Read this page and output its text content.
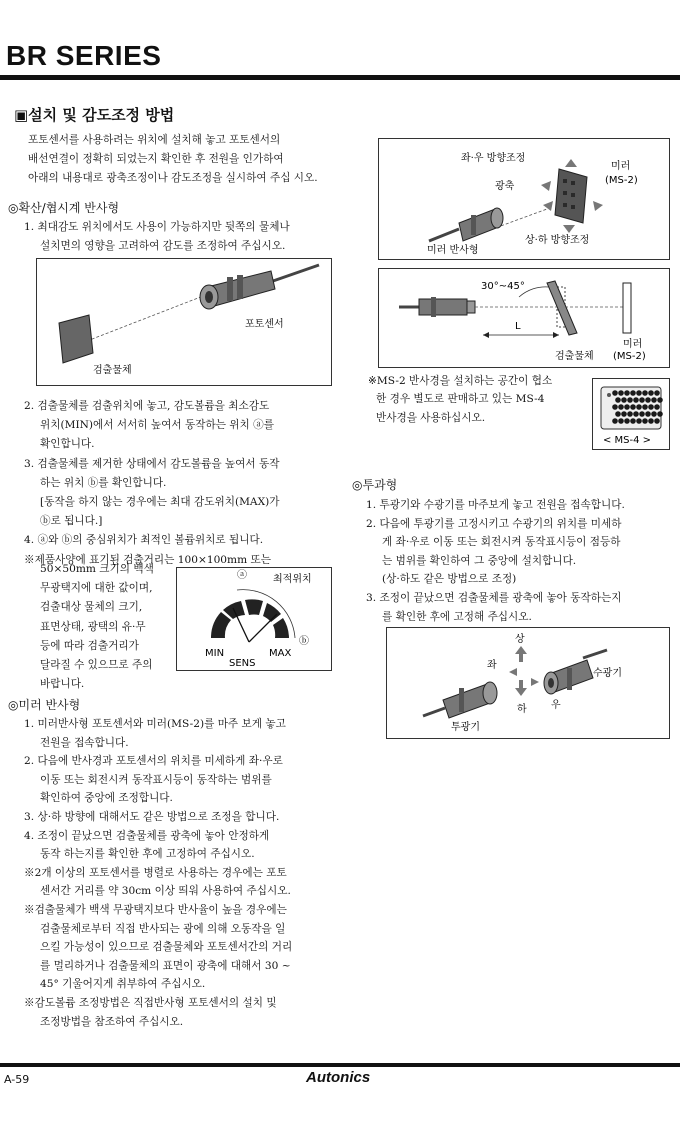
BR SERIES
▣설치 및 감도조정 방법
포토센서를 사용하려는 위치에 설치해 놓고 포토센서의
배선연결이 정확히 되었는지 확인한 후 전원을 인가하여
아래의 내용대로 광축조정이나 감도조정을 실시하여 주십 시오.
◎확산/협시계 반사형
1. 최대감도 위치에서도 사용이 가능하지만 뒷쪽의 물체나
설치면의 영향을 고려하여 감도를 조정하여 주십시오.
포토센서
검출물체
2. 검출물체를 검출위치에 놓고, 감도볼륨을 최소감도
위치(MIN)에서 서서히 높여서 동작하는 위치 ⓐ를
확인합니다.
3. 검출물체를 제거한 상태에서 감도볼륨을 높여서 동작
하는 위치 ⓑ를 확인합니다.
[동작을 하지 않는 경우에는 최대 감도위치(MAX)가
ⓑ로 됩니다.]
4. ⓐ와 ⓑ의 중심위치가 최적인 볼륨위치로 됩니다.
※제품사양에 표기된 검출거리는 100×100mm 또는
50×50mm 크기의 백색
무광택지에 대한 값이며,
검출대상 물체의 크기,
표면상태, 광택의 유·무
등에 따라 검출거리가
달라질 수 있으므로 주의
바랍니다.
ⓐ	최적위치
ⓑ
MIN
SENS
MAX
◎미러 반사형
1. 미러반사형 포토센서와 미러(MS-2)를 마주 보게 놓고
전원을 접속합니다.
2. 다음에 반사경과 포토센서의 위치를 미세하게 좌·우로
이동 또는 회전시켜 동작표시등이 동작하는 범위를
확인하여 중앙에 조정합니다.
3. 상·하 방향에 대해서도 같은 방법으로 조정을 합니다.
4. 조정이 끝났으면 검출물체를 광축에 놓아 안정하게
동작 하는지를 확인한 후에 고정하여 주십시오.
※2개 이상의 포토센서를 병렬로 사용하는 경우에는 포토
센서간 거리를 약 30cm 이상 띄워 사용하여 주십시오.
※검출물체가 백색 무광택지보다 반사율이 높을 경우에는
검출물체로부터 직접 반사되는 광에 의해 오동작을 일
으킬 가능성이 있으므로 검출물체와 포토센서간의 거리
를 멀리하거나 검출물체의 표면이 광축에 대해서 30 ~
45° 기울어지게 취부하여 주십시오.
※감도볼륨 조정방법은 직접반사형 포토센서의 설치 및
조정방법을 참조하여 주십시오.
좌·우 방향조정
미러
(MS-2)
광축
상·하 방향조정
미러 반사형
30°~45°
L
검출물체
미러
(MS-2)
※MS-2 반사경을 설치하는 공간이 협소
한 경우 별도로 판매하고 있는 MS-4
반사경을 사용하십시오.
< MS-4 >
◎투과형
1. 투광기와 수광기를 마주보게 놓고 전원을 접속합니다.
2. 다음에 투광기를 고정시키고 수광기의 위치를 미세하
게 좌·우로 이동 또는 회전시켜 동작표시등이 점등하
는 범위를 확인하여 그 중앙에 설치합니다.
(상·하도 같은 방법으로 조정)
3. 조정이 끝났으면 검출물체를 광축에 놓아 동작하는지
를 확인한 후에 고정해 주십시오.
상
좌
우
하
수광기
투광기
A-59	Autonics
